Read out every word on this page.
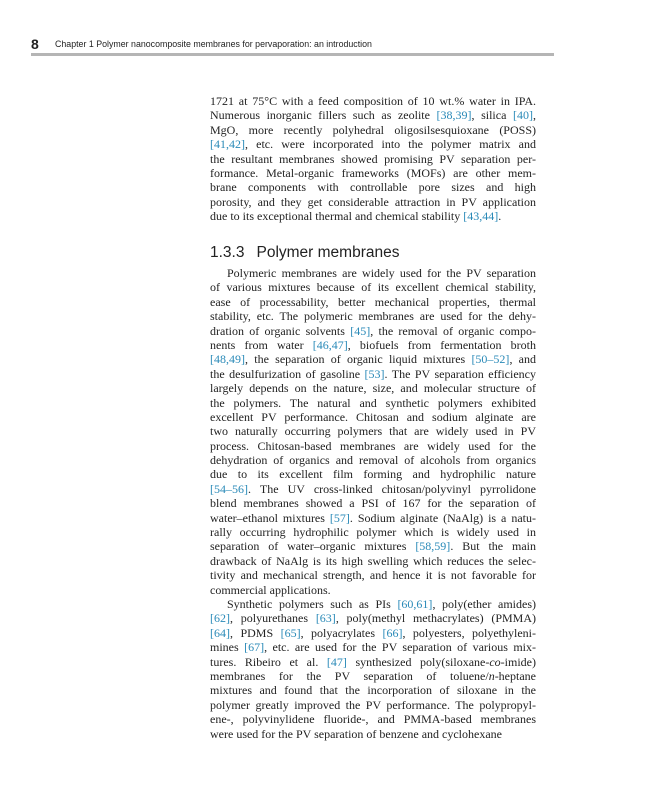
8 Chapter 1 Polymer nanocomposite membranes for pervaporation: an introduction
1721 at 75°C with a feed composition of 10 wt.% water in IPA.
Numerous inorganic fillers such as zeolite [38,39], silica [40],
MgO, more recently polyhedral oligosilsesquioxane (POSS)
[41,42], etc. were incorporated into the polymer matrix and
the resultant membranes showed promising PV separation per-
formance. Metal-organic frameworks (MOFs) are other mem-
brane components with controllable pore sizes and high
porosity, and they get considerable attraction in PV application
due to its exceptional thermal and chemical stability [43,44].
1.3.3 Polymer membranes
Polymeric membranes are widely used for the PV separation
of various mixtures because of its excellent chemical stability,
ease of processability, better mechanical properties, thermal
stability, etc. The polymeric membranes are used for the dehy-
dration of organic solvents [45], the removal of organic compo-
nents from water [46,47], biofuels from fermentation broth
[48,49], the separation of organic liquid mixtures [50–52], and
the desulfurization of gasoline [53]. The PV separation efficiency
largely depends on the nature, size, and molecular structure of
the polymers. The natural and synthetic polymers exhibited
excellent PV performance. Chitosan and sodium alginate are
two naturally occurring polymers that are widely used in PV
process. Chitosan-based membranes are widely used for the
dehydration of organics and removal of alcohols from organics
due to its excellent film forming and hydrophilic nature
[54–56]. The UV cross-linked chitosan/polyvinyl pyrrolidone
blend membranes showed a PSI of 167 for the separation of
water–ethanol mixtures [57]. Sodium alginate (NaAlg) is a natu-
rally occurring hydrophilic polymer which is widely used in
separation of water–organic mixtures [58,59]. But the main
drawback of NaAlg is its high swelling which reduces the selec-
tivity and mechanical strength, and hence it is not favorable for
commercial applications.
Synthetic polymers such as PIs [60,61], poly(ether amides)
[62], polyurethanes [63], poly(methyl methacrylates) (PMMA)
[64], PDMS [65], polyacrylates [66], polyesters, polyethyleni-
mines [67], etc. are used for the PV separation of various mix-
tures. Ribeiro et al. [47] synthesized poly(siloxane-co-imide)
membranes for the PV separation of toluene/n-heptane
mixtures and found that the incorporation of siloxane in the
polymer greatly improved the PV performance. The polypropyl-
ene-, polyvinylidene fluoride-, and PMMA-based membranes
were used for the PV separation of benzene and cyclohexane
